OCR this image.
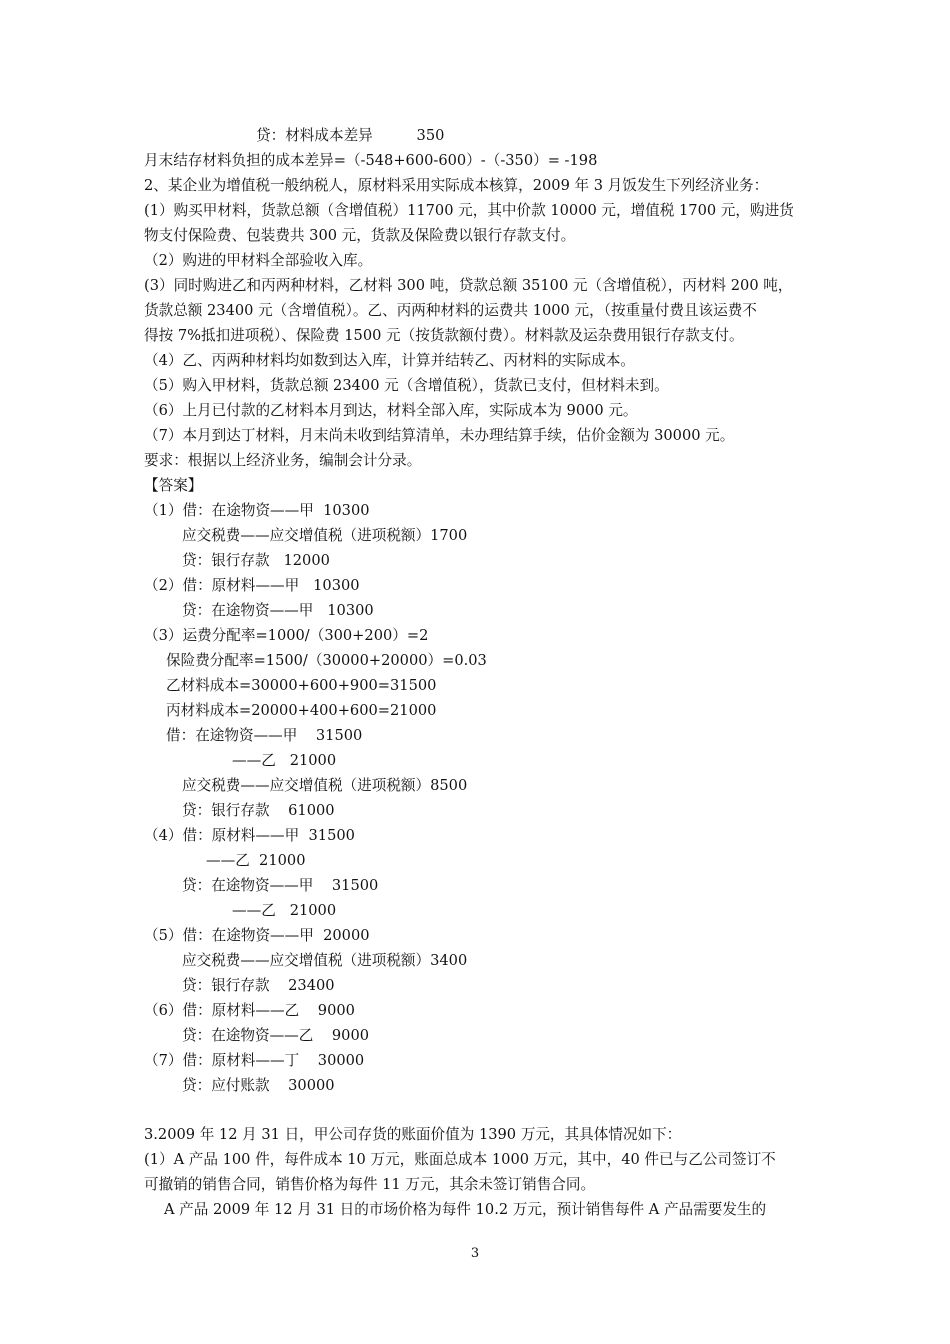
贷：材料成本差异　　　350
月末结存材料负担的成本差异=（-548+600-600）-（-350）= -198
2、某企业为增值税一般纳税人，原材料采用实际成本核算，2009 年 3 月饭发生下列经济业务：
(1）购买甲材料，货款总额（含增值税）11700 元，其中价款 10000 元，增值税 1700 元，购进货
物支付保险费、包装费共 300 元，货款及保险费以银行存款支付。
（2）购进的甲材料全部验收入库。
(3）同时购进乙和丙两种材料，乙材料 300 吨，贷款总额 35100 元（含增值税），丙材料 200 吨，
货款总额 23400 元（含增值税）。乙、丙两种材料的运费共 1000 元，（按重量付费且该运费不
得按 7%抵扣进项税）、保险费 1500 元（按货款额付费）。材料款及运杂费用银行存款支付。
（4）乙、丙两种材料均如数到达入库，计算并结转乙、丙材料的实际成本。
（5）购入甲材料，货款总额 23400 元（含增值税），货款已支付，但材料未到。
（6）上月已付款的乙材料本月到达，材料全部入库，实际成本为 9000 元。
（7）本月到达丁材料，月末尚未收到结算清单，未办理结算手续，估价金额为 30000 元。
要求：根据以上经济业务，编制会计分录。
【答案】
（1）借：在途物资——甲  10300
应交税费——应交增值税（进项税额）1700
贷：银行存款   12000
（2）借：原材料——甲   10300
贷：在途物资——甲   10300
（3）运费分配率=1000/（300+200）=2
保险费分配率=1500/（30000+20000）=0.03
乙材料成本=30000+600+900=31500
丙材料成本=20000+400+600=21000
借：在途物资——甲    31500
——乙   21000
应交税费——应交增值税（进项税额）8500
贷：银行存款    61000
（4）借：原材料——甲  31500
——乙  21000
贷：在途物资——甲    31500
——乙   21000
（5）借：在途物资——甲  20000
应交税费——应交增值税（进项税额）3400
贷：银行存款    23400
（6）借：原材料——乙    9000
贷：在途物资——乙    9000
（7）借：原材料——丁    30000
贷：应付账款    30000
3.2009 年 12 月 31 日，甲公司存货的账面价值为 1390 万元，其具体情况如下：
(1）A 产品 100 件，每件成本 10 万元，账面总成本 1000 万元，其中，40 件已与乙公司签订不
可撤销的销售合同，销售价格为每件 11 万元，其余未签订销售合同。
A 产品 2009 年 12 月 31 日的市场价格为每件 10.2 万元，预计销售每件 A 产品需要发生的
3
